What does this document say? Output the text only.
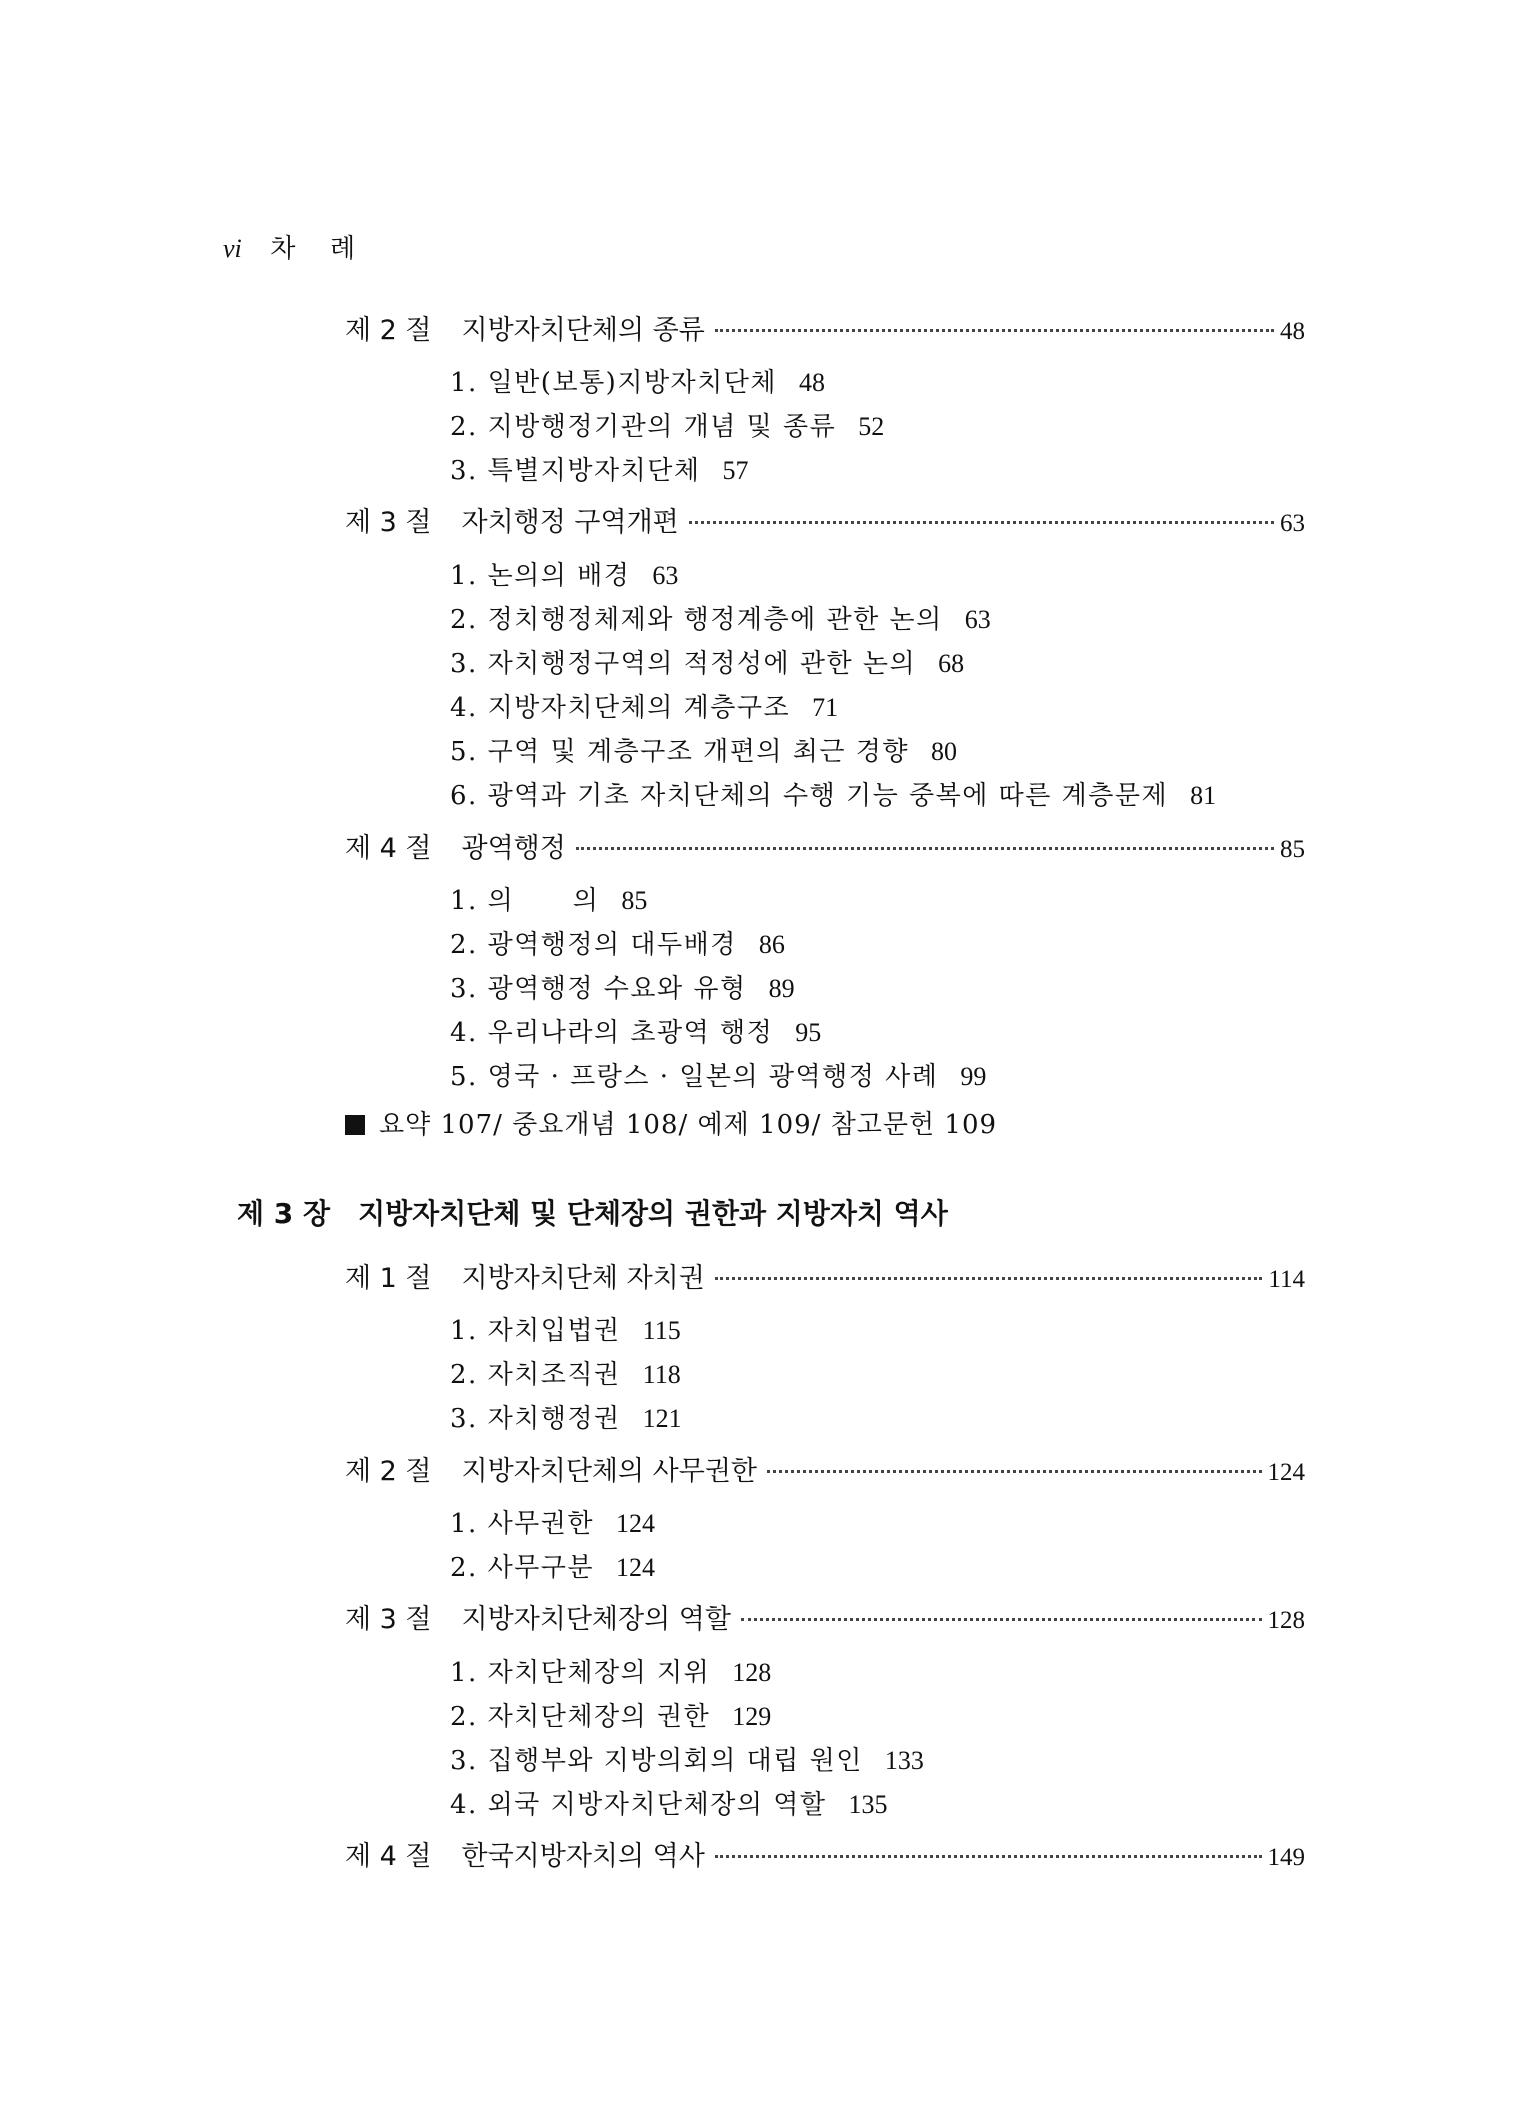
vi 차  례
제 2 절 지방자치단체의 종류	48
1. 일반(보통)지방자치단체 48
2. 지방행정기관의 개념 및 종류 52
3. 특별지방자치단체 57
제 3 절 자치행정 구역개편	63
1. 논의의 배경 63
2. 정치행정체제와 행정계층에 관한 논의 63
3. 자치행정구역의 적정성에 관한 논의 68
4. 지방자치단체의 계층구조 71
5. 구역 및 계층구조 개편의 최근 경향 80
6. 광역과 기초 자치단체의 수행 기능 중복에 따른 계층문제 81
제 4 절 광역행정	85
1. 의      의 85
2. 광역행정의 대두배경 86
3. 광역행정 수요와 유형 89
4. 우리나라의 초광역 행정 95
5. 영국 · 프랑스 · 일본의 광역행정 사례 99
요약 107/ 중요개념 108/ 예제 109/ 참고문헌 109
제 3 장 지방자치단체 및 단체장의 권한과 지방자치 역사
제 1 절 지방자치단체 자치권	114
1. 자치입법권 115
2. 자치조직권 118
3. 자치행정권 121
제 2 절 지방자치단체의 사무권한	124
1. 사무권한 124
2. 사무구분 124
제 3 절 지방자치단체장의 역할	128
1. 자치단체장의 지위 128
2. 자치단체장의 권한 129
3. 집행부와 지방의회의 대립 원인 133
4. 외국 지방자치단체장의 역할 135
제 4 절 한국지방자치의 역사	149
